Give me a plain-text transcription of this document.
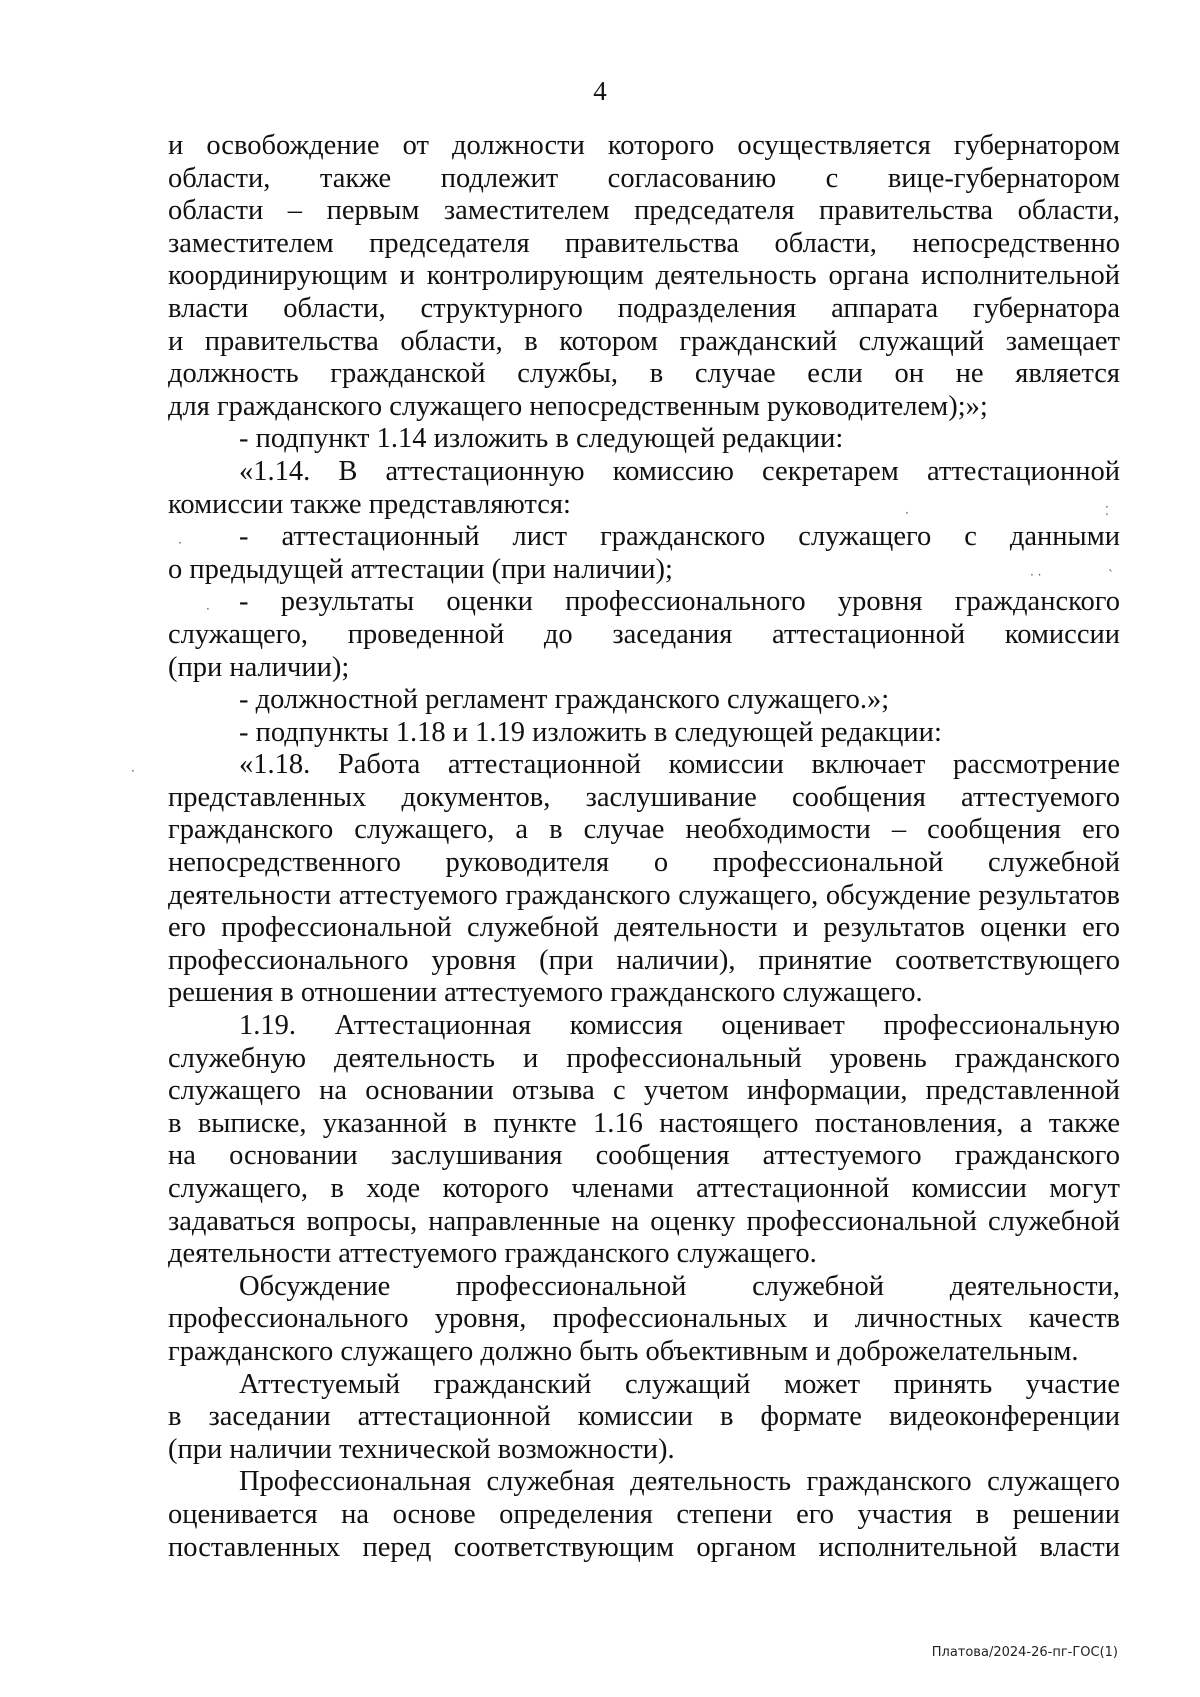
4
и освобождение от должности которого осуществляется губернатором
области, также подлежит согласованию с вице-губернатором
области – первым заместителем председателя правительства области,
заместителем председателя правительства области, непосредственно
координирующим и контролирующим деятельность органа исполнительной
власти области, структурного подразделения аппарата губернатора
и правительства области, в котором гражданский служащий замещает
должность гражданской службы, в случае если он не является
для гражданского служащего непосредственным руководителем);»;
- подпункт 1.14 изложить в следующей редакции:
«1.14. В аттестационную комиссию секретарем аттестационной
комиссии также представляются:
- аттестационный лист гражданского служащего с данными
о предыдущей аттестации (при наличии);
- результаты оценки профессионального уровня гражданского
служащего, проведенной до заседания аттестационной комиссии
(при наличии);
- должностной регламент гражданского служащего.»;
- подпункты 1.18 и 1.19 изложить в следующей редакции:
«1.18. Работа аттестационной комиссии включает рассмотрение
представленных документов, заслушивание сообщения аттестуемого
гражданского служащего, а в случае необходимости – сообщения его
непосредственного руководителя о профессиональной служебной
деятельности аттестуемого гражданского служащего, обсуждение результатов
его профессиональной служебной деятельности и результатов оценки его
профессионального уровня (при наличии), принятие соответствующего
решения в отношении аттестуемого гражданского служащего.
1.19. Аттестационная комиссия оценивает профессиональную
служебную деятельность и профессиональный уровень гражданского
служащего на основании отзыва с учетом информации, представленной
в выписке, указанной в пункте 1.16 настоящего постановления, а также
на основании заслушивания сообщения аттестуемого гражданского
служащего, в ходе которого членами аттестационной комиссии могут
задаваться вопросы, направленные на оценку профессиональной служебной
деятельности аттестуемого гражданского служащего.
Обсуждение профессиональной служебной деятельности,
профессионального уровня, профессиональных и личностных качеств
гражданского служащего должно быть объективным и доброжелательным.
Аттестуемый гражданский служащий может принять участие
в заседании аттестационной комиссии в формате видеоконференции
(при наличии технической возможности).
Профессиональная служебная деятельность гражданского служащего
оценивается на основе определения степени его участия в решении
поставленных перед соответствующим органом исполнительной власти
·	⁚
·
· ·	`
·
·
Платова/2024-26-пг-ГОС(1)
